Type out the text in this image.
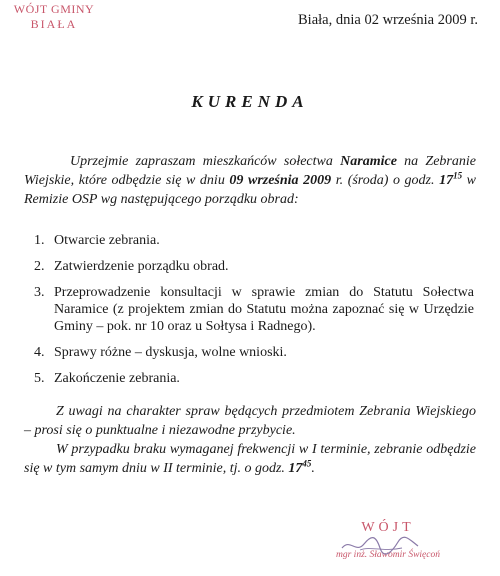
WÓJT GMINY
BIAŁA	Biała, dnia 02 września 2009 r.
KURENDA

Uprzejmie zapraszam mieszkańców sołectwa Naramice na Zebranie Wiejskie, które odbędzie się w dniu 09 września 2009 r. (środa) o godz. $17^{15}$ w Remizie OSP wg następującego porządku obrad:

1. Otwarcie zebrania.
2. Zatwierdzenie porządku obrad.
3. Przeprowadzenie konsultacji w sprawie zmian do Statutu Sołectwa Naramice (z projektem zmian do Statutu można zapoznać się w Urzędzie Gminy – pok. nr 10 oraz u Sołtysa i Radnego).
4. Sprawy różne – dyskusja, wolne wnioski.
5. Zakończenie zebrania.

Z uwagi na charakter spraw będących przedmiotem Zebrania Wiejskiego – prosi się o punktualne i niezawodne przybycie.

W przypadku braku wymaganej frekwencji w I terminie, zebranie odbędzie się w tym samym dniu w II terminie, tj. o godz. $17^{45}$.

WÓJT
mgr inż. Sławomir Święcoń
